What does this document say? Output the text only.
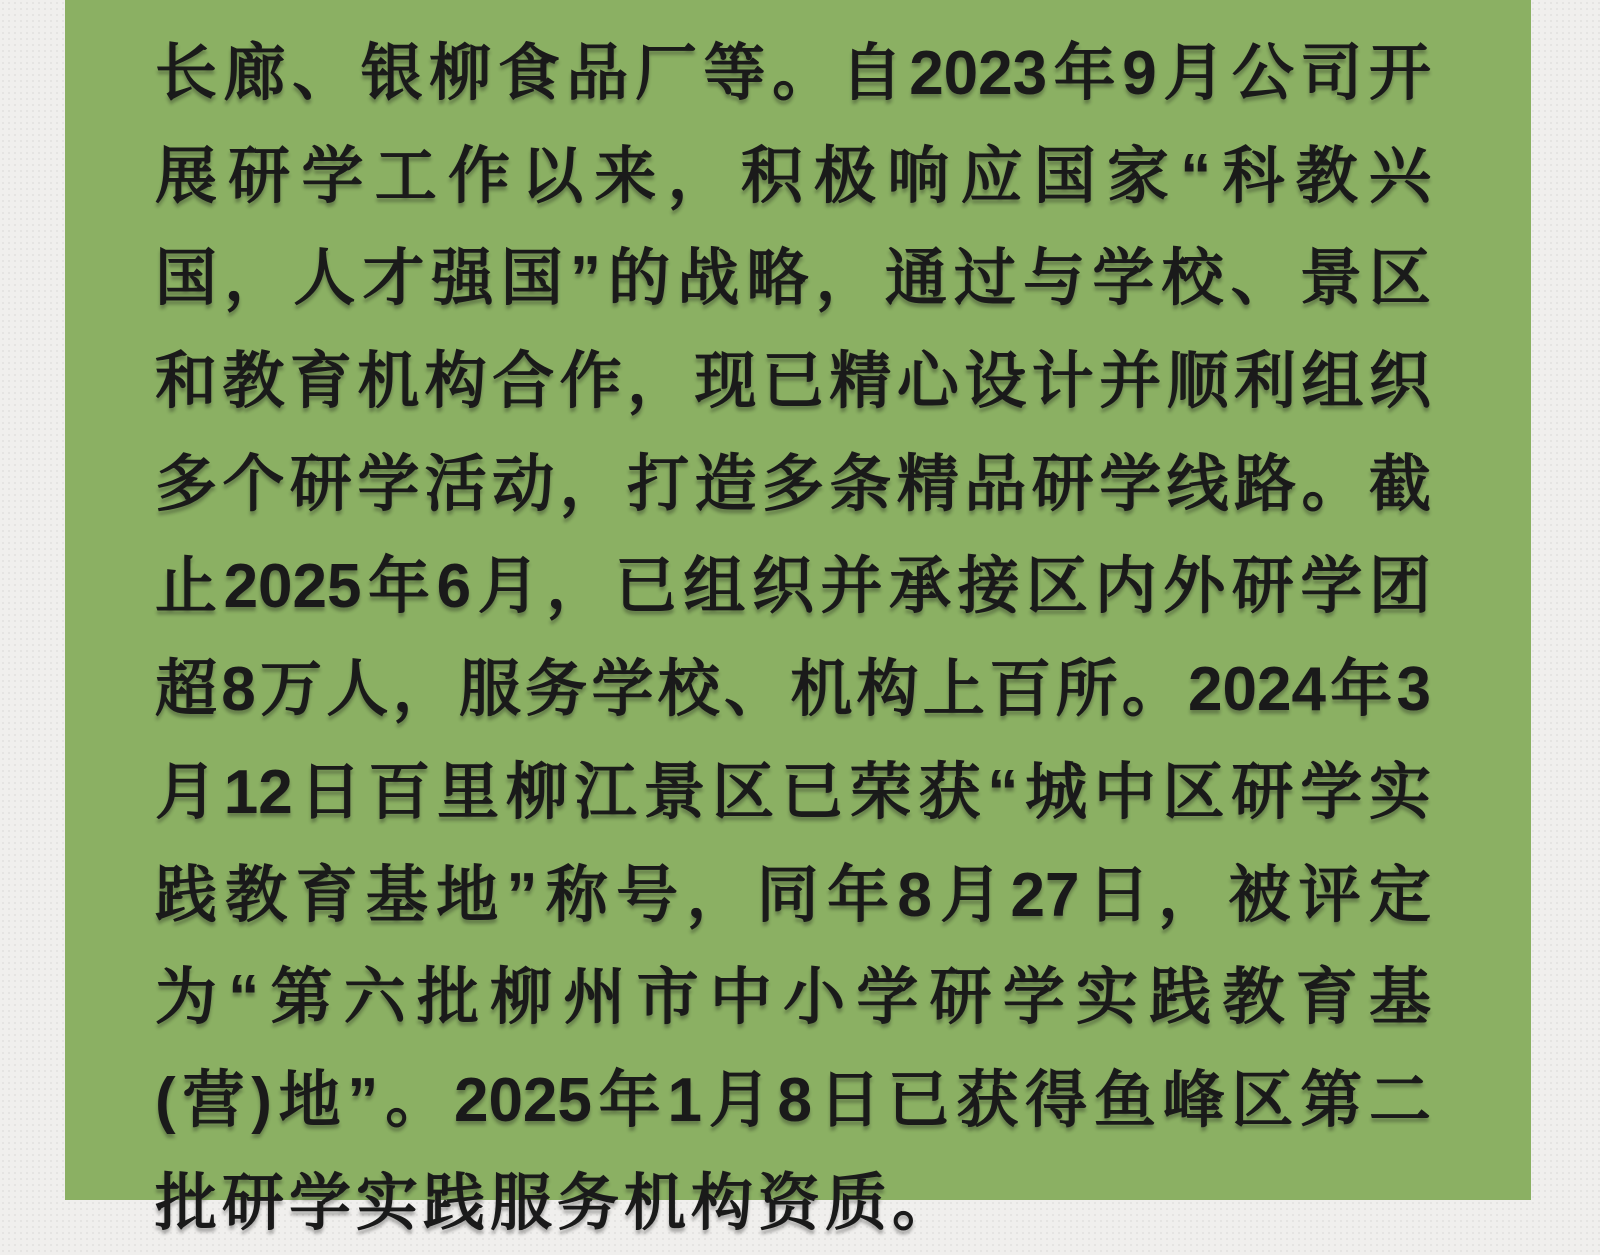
长廊、银柳食品厂等。自2023年9月公司开
展研学工作以来，积极响应国家“科教兴
国，人才强国”的战略，通过与学校、景区
和教育机构合作，现已精心设计并顺利组织
多个研学活动，打造多条精品研学线路。截
止2025年6月，已组织并承接区内外研学团
超8万人，服务学校、机构上百所。2024年3
月12日百里柳江景区已荣获“城中区研学实
践教育基地”称号，同年8月27日，被评定
为“第六批柳州市中小学研学实践教育基
(营)地”。2025年1月8日已获得鱼峰区第二
批研学实践服务机构资质。
